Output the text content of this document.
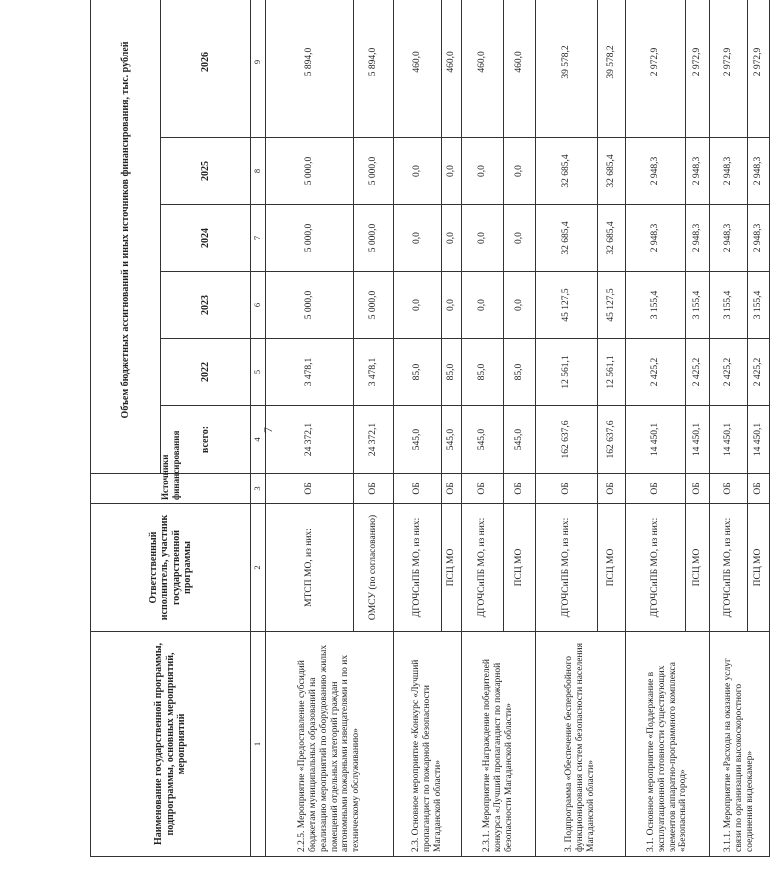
7
Наименование государственной программы, подпрограммы, основных мероприятий, мероприятий	Ответственный исполнитель, участник государственной программы	Источники финансирования	Объем бюджетных ассигнований и иных источников финансирования, тыс. рублей					
			всего:	2022	2023	2024	2025	2026
1	2	3	4	5	6	7	8	9
2.2.5. Мероприятие «Предоставление субсидий бюджетам муниципальных образований на реализацию мероприятий по оборудованию жилых помещений отдельных категорий граждан автономными пожарными извещателями и по их техническому обслуживанию»	МТСП МО, из них:	ОБ	24 372,1	3 478,1	5 000,0	5 000,0	5 000,0	5 894,0
	ОМСУ (по согласованию)	ОБ	24 372,1	3 478,1	5 000,0	5 000,0	5 000,0	5 894,0
2.3. Основное мероприятие «Конкурс «Лучший пропагандист по пожарной безопасности Магаданской области»	ДГОЧСиПБ МО, из них:	ОБ	545,0	85,0	0,0	0,0	0,0	460,0
	ПСЦ МО	ОБ	545,0	85,0	0,0	0,0	0,0	460,0
2.3.1. Мероприятие «Награждение победителей конкурса «Лучший пропагандист по пожарной безопасности Магаданской области»	ДГОЧСиПБ МО, из них:	ОБ	545,0	85,0	0,0	0,0	0,0	460,0
	ПСЦ МО	ОБ	545,0	85,0	0,0	0,0	0,0	460,0
3. Подпрограмма «Обеспечение бесперебойного функционирования систем безопасности населения Магаданской области»	ДГОЧСиПБ МО, из них:	ОБ	162 637,6	12 561,1	45 127,5	32 685,4	32 685,4	39 578,2
	ПСЦ МО	ОБ	162 637,6	12 561,1	45 127,5	32 685,4	32 685,4	39 578,2
3.1. Основное мероприятие «Поддержание в эксплуатационной готовности существующих элементов аппаратно-программного комплекса «Безопасный город»	ДГОЧСиПБ МО, из них:	ОБ	14 450,1	2 425,2	3 155,4	2 948,3	2 948,3	2 972,9
	ПСЦ МО	ОБ	14 450,1	2 425,2	3 155,4	2 948,3	2 948,3	2 972,9
3.1.1. Мероприятие «Расходы на оказание услуг связи по организации высокоскоростного соединения видеокамер»	ДГОЧСиПБ МО, из них:	ОБ	14 450,1	2 425,2	3 155,4	2 948,3	2 948,3	2 972,9
	ПСЦ МО	ОБ	14 450,1	2 425,2	3 155,4	2 948,3	2 948,3	2 972,9
